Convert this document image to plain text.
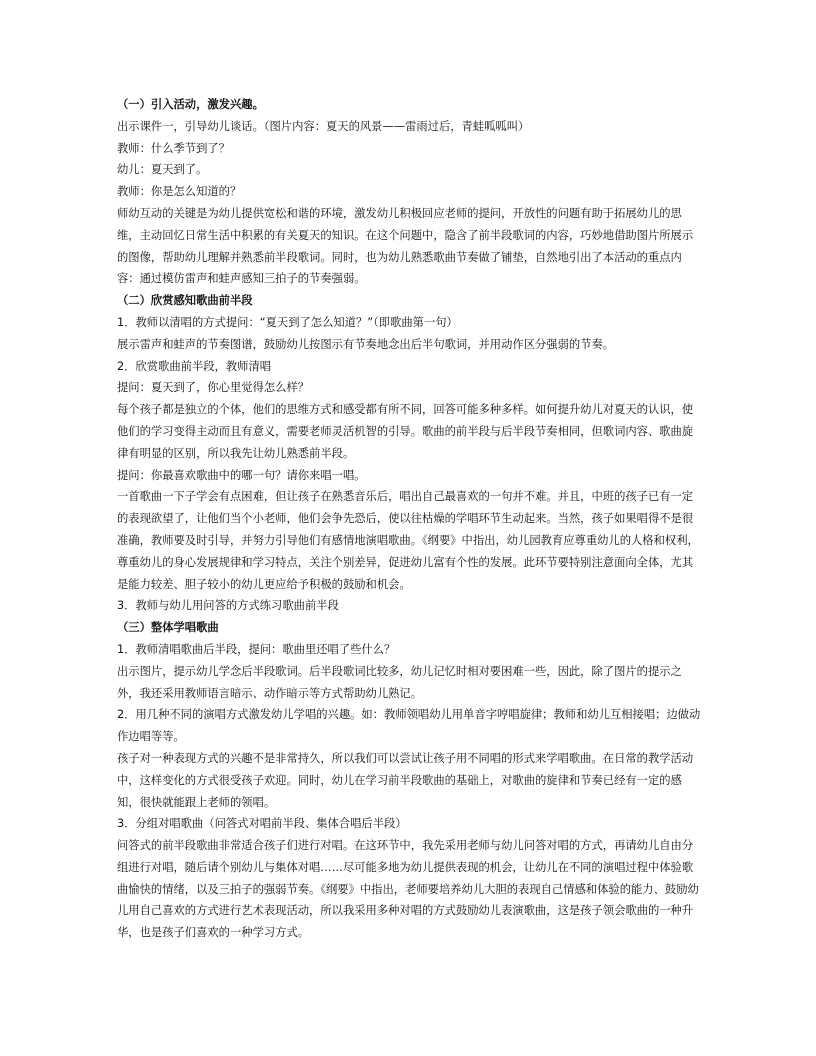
（一）引入活动，激发兴趣。

出示课件一，引导幼儿谈话。（图片内容：夏天的风景——雷雨过后，青蛙呱呱叫）

教师：什么季节到了？

幼儿：夏天到了。

教师：你是怎么知道的？

师幼互动的关键是为幼儿提供宽松和谐的环境，激发幼儿积极回应老师的提问，开放性的问题有助于拓展幼儿的思维，主动回忆日常生活中积累的有关夏天的知识。在这个问题中，隐含了前半段歌词的内容，巧妙地借助图片所展示的图像，帮助幼儿理解并熟悉前半段歌词。同时，也为幼儿熟悉歌曲节奏做了铺垫，自然地引出了本活动的重点内容：通过模仿雷声和蛙声感知三拍子的节奏强弱。

（二）欣赏感知歌曲前半段

1．教师以清唱的方式提问：“夏天到了怎么知道？”（即歌曲第一句）

展示雷声和蛙声的节奏图谱，鼓励幼儿按图示有节奏地念出后半句歌词，并用动作区分强弱的节奏。

2．欣赏歌曲前半段，教师清唱

提问：夏天到了，你心里觉得怎么样？

每个孩子都是独立的个体，他们的思维方式和感受都有所不同，回答可能多种多样。如何提升幼儿对夏天的认识，使他们的学习变得主动而且有意义，需要老师灵活机智的引导。歌曲的前半段与后半段节奏相同，但歌词内容、歌曲旋律有明显的区别，所以我先让幼儿熟悉前半段。

提问：你最喜欢歌曲中的哪一句？请你来唱一唱。

一首歌曲一下子学会有点困难，但让孩子在熟悉音乐后，唱出自己最喜欢的一句并不难。并且，中班的孩子已有一定的表现欲望了，让他们当个小老师，他们会争先恐后，使以往枯燥的学唱环节生动起来。当然，孩子如果唱得不是很准确，教师要及时引导，并努力引导他们有感情地演唱歌曲。《纲要》中指出，幼儿园教育应尊重幼儿的人格和权利，尊重幼儿的身心发展规律和学习特点，关注个别差异，促进幼儿富有个性的发展。此环节要特别注意面向全体，尤其是能力较差、胆子较小的幼儿更应给予积极的鼓励和机会。

3．教师与幼儿用问答的方式练习歌曲前半段

（三）整体学唱歌曲

1．教师清唱歌曲后半段，提问：歌曲里还唱了些什么？

出示图片，提示幼儿学念后半段歌词。后半段歌词比较多，幼儿记忆时相对要困难一些，因此，除了图片的提示之外，我还采用教师语言暗示、动作暗示等方式帮助幼儿熟记。

2．用几种不同的演唱方式激发幼儿学唱的兴趣。如：教师领唱幼儿用单音字哼唱旋律；教师和幼儿互相接唱；边做动作边唱等等。

孩子对一种表现方式的兴趣不是非常持久，所以我们可以尝试让孩子用不同唱的形式来学唱歌曲。在日常的教学活动中，这样变化的方式很受孩子欢迎。同时，幼儿在学习前半段歌曲的基础上，对歌曲的旋律和节奏已经有一定的感知，很快就能跟上老师的领唱。

3．分组对唱歌曲（问答式对唱前半段、集体合唱后半段）

问答式的前半段歌曲非常适合孩子们进行对唱。在这环节中，我先采用老师与幼儿问答对唱的方式，再请幼儿自由分组进行对唱，随后请个别幼儿与集体对唱……尽可能多地为幼儿提供表现的机会，让幼儿在不同的演唱过程中体验歌曲愉快的情绪，以及三拍子的强弱节奏。《纲要》中指出，老师要培养幼儿大胆的表现自己情感和体验的能力、鼓励幼儿用自己喜欢的方式进行艺术表现活动，所以我采用多种对唱的方式鼓励幼儿表演歌曲，这是孩子领会歌曲的一种升华，也是孩子们喜欢的一种学习方式。
